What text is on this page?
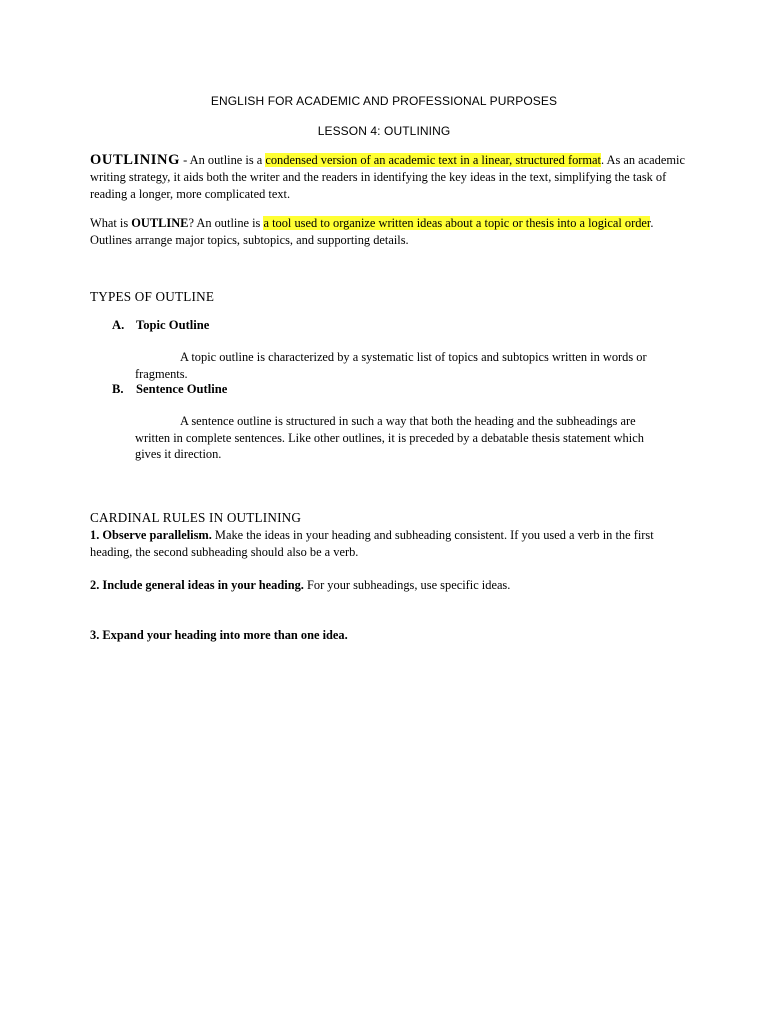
ENGLISH FOR ACADEMIC AND PROFESSIONAL PURPOSES
LESSON 4: OUTLINING
OUTLINING - An outline is a condensed version of an academic text in a linear, structured format. As an academic writing strategy, it aids both the writer and the readers in identifying the key ideas in the text, simplifying the task of reading a longer, more complicated text.
What is OUTLINE? An outline is a tool used to organize written ideas about a topic or thesis into a logical order. Outlines arrange major topics, subtopics, and supporting details.
TYPES OF OUTLINE
A. Topic Outline
A topic outline is characterized by a systematic list of topics and subtopics written in words or fragments.
B. Sentence Outline
A sentence outline is structured in such a way that both the heading and the subheadings are written in complete sentences. Like other outlines, it is preceded by a debatable thesis statement which gives it direction.
CARDINAL RULES IN OUTLINING
1. Observe parallelism. Make the ideas in your heading and subheading consistent. If you used a verb in the first heading, the second subheading should also be a verb.
2. Include general ideas in your heading. For your subheadings, use specific ideas.
3. Expand your heading into more than one idea.
